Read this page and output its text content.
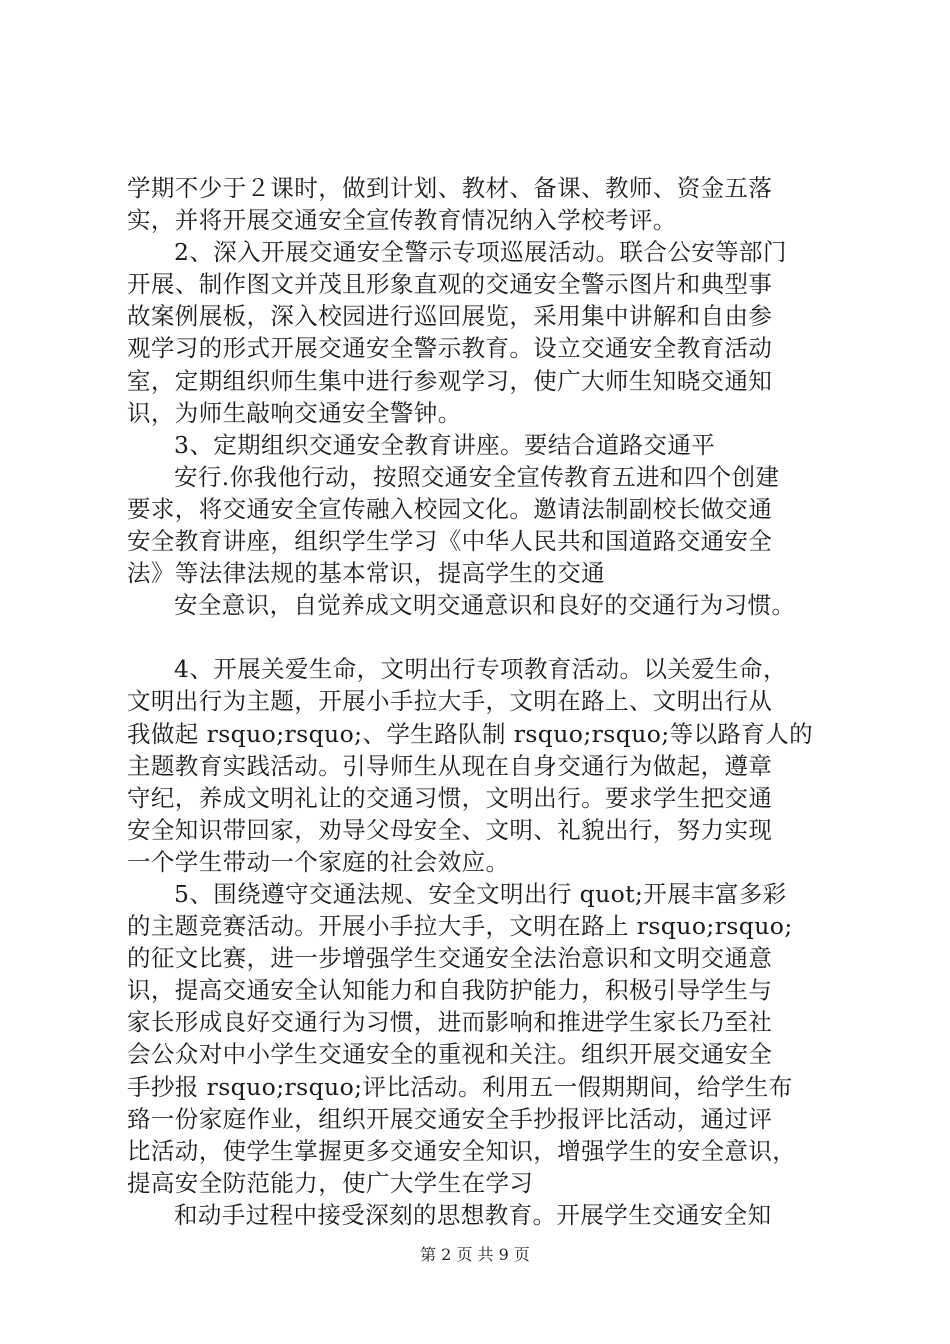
学期不少于２课时，做到计划、教材、备课、教师、资金五落
实，并将开展交通安全宣传教育情况纳入学校考评。
2、深入开展交通安全警示专项巡展活动。联合公安等部门
开展、制作图文并茂且形象直观的交通安全警示图片和典型事
故案例展板，深入校园进行巡回展览，采用集中讲解和自由参
观学习的形式开展交通安全警示教育。设立交通安全教育活动
室，定期组织师生集中进行参观学习，使广大师生知晓交通知
识，为师生敲响交通安全警钟。
3、定期组织交通安全教育讲座。要结合道路交通平
安行.你我他行动，按照交通安全宣传教育五进和四个创建
要求，将交通安全宣传融入校园文化。邀请法制副校长做交通
安全教育讲座，组织学生学习《中华人民共和国道路交通安全
法》等法律法规的基本常识，提高学生的交通
安全意识，自觉养成文明交通意识和良好的交通行为习惯。
4、开展关爱生命，文明出行专项教育活动。以关爱生命，
文明出行为主题，开展小手拉大手，文明在路上、文明出行从
我做起 rsquo;rsquo;、学生路队制 rsquo;rsquo;等以路育人的
主题教育实践活动。引导师生从现在自身交通行为做起，遵章
守纪，养成文明礼让的交通习惯，文明出行。要求学生把交通
安全知识带回家，劝导父母安全、文明、礼貌出行，努力实现
一个学生带动一个家庭的社会效应。
5、围绕遵守交通法规、安全文明出行 quot;开展丰富多彩
的主题竞赛活动。开展小手拉大手，文明在路上 rsquo;rsquo;
的征文比赛，进一步增强学生交通安全法治意识和文明交通意
识，提高交通安全认知能力和自我防护能力，积极引导学生与
家长形成良好交通行为习惯，进而影响和推进学生家长乃至社
会公众对中小学生交通安全的重视和关注。组织开展交通安全
手抄报 rsquo;rsquo;评比活动。利用五一假期期间，给学生布
臵一份家庭作业，组织开展交通安全手抄报评比活动，通过评
比活动，使学生掌握更多交通安全知识，增强学生的安全意识，
提高安全防范能力，使广大学生在学习
和动手过程中接受深刻的思想教育。开展学生交通安全知
第 2 页 共 9 页
